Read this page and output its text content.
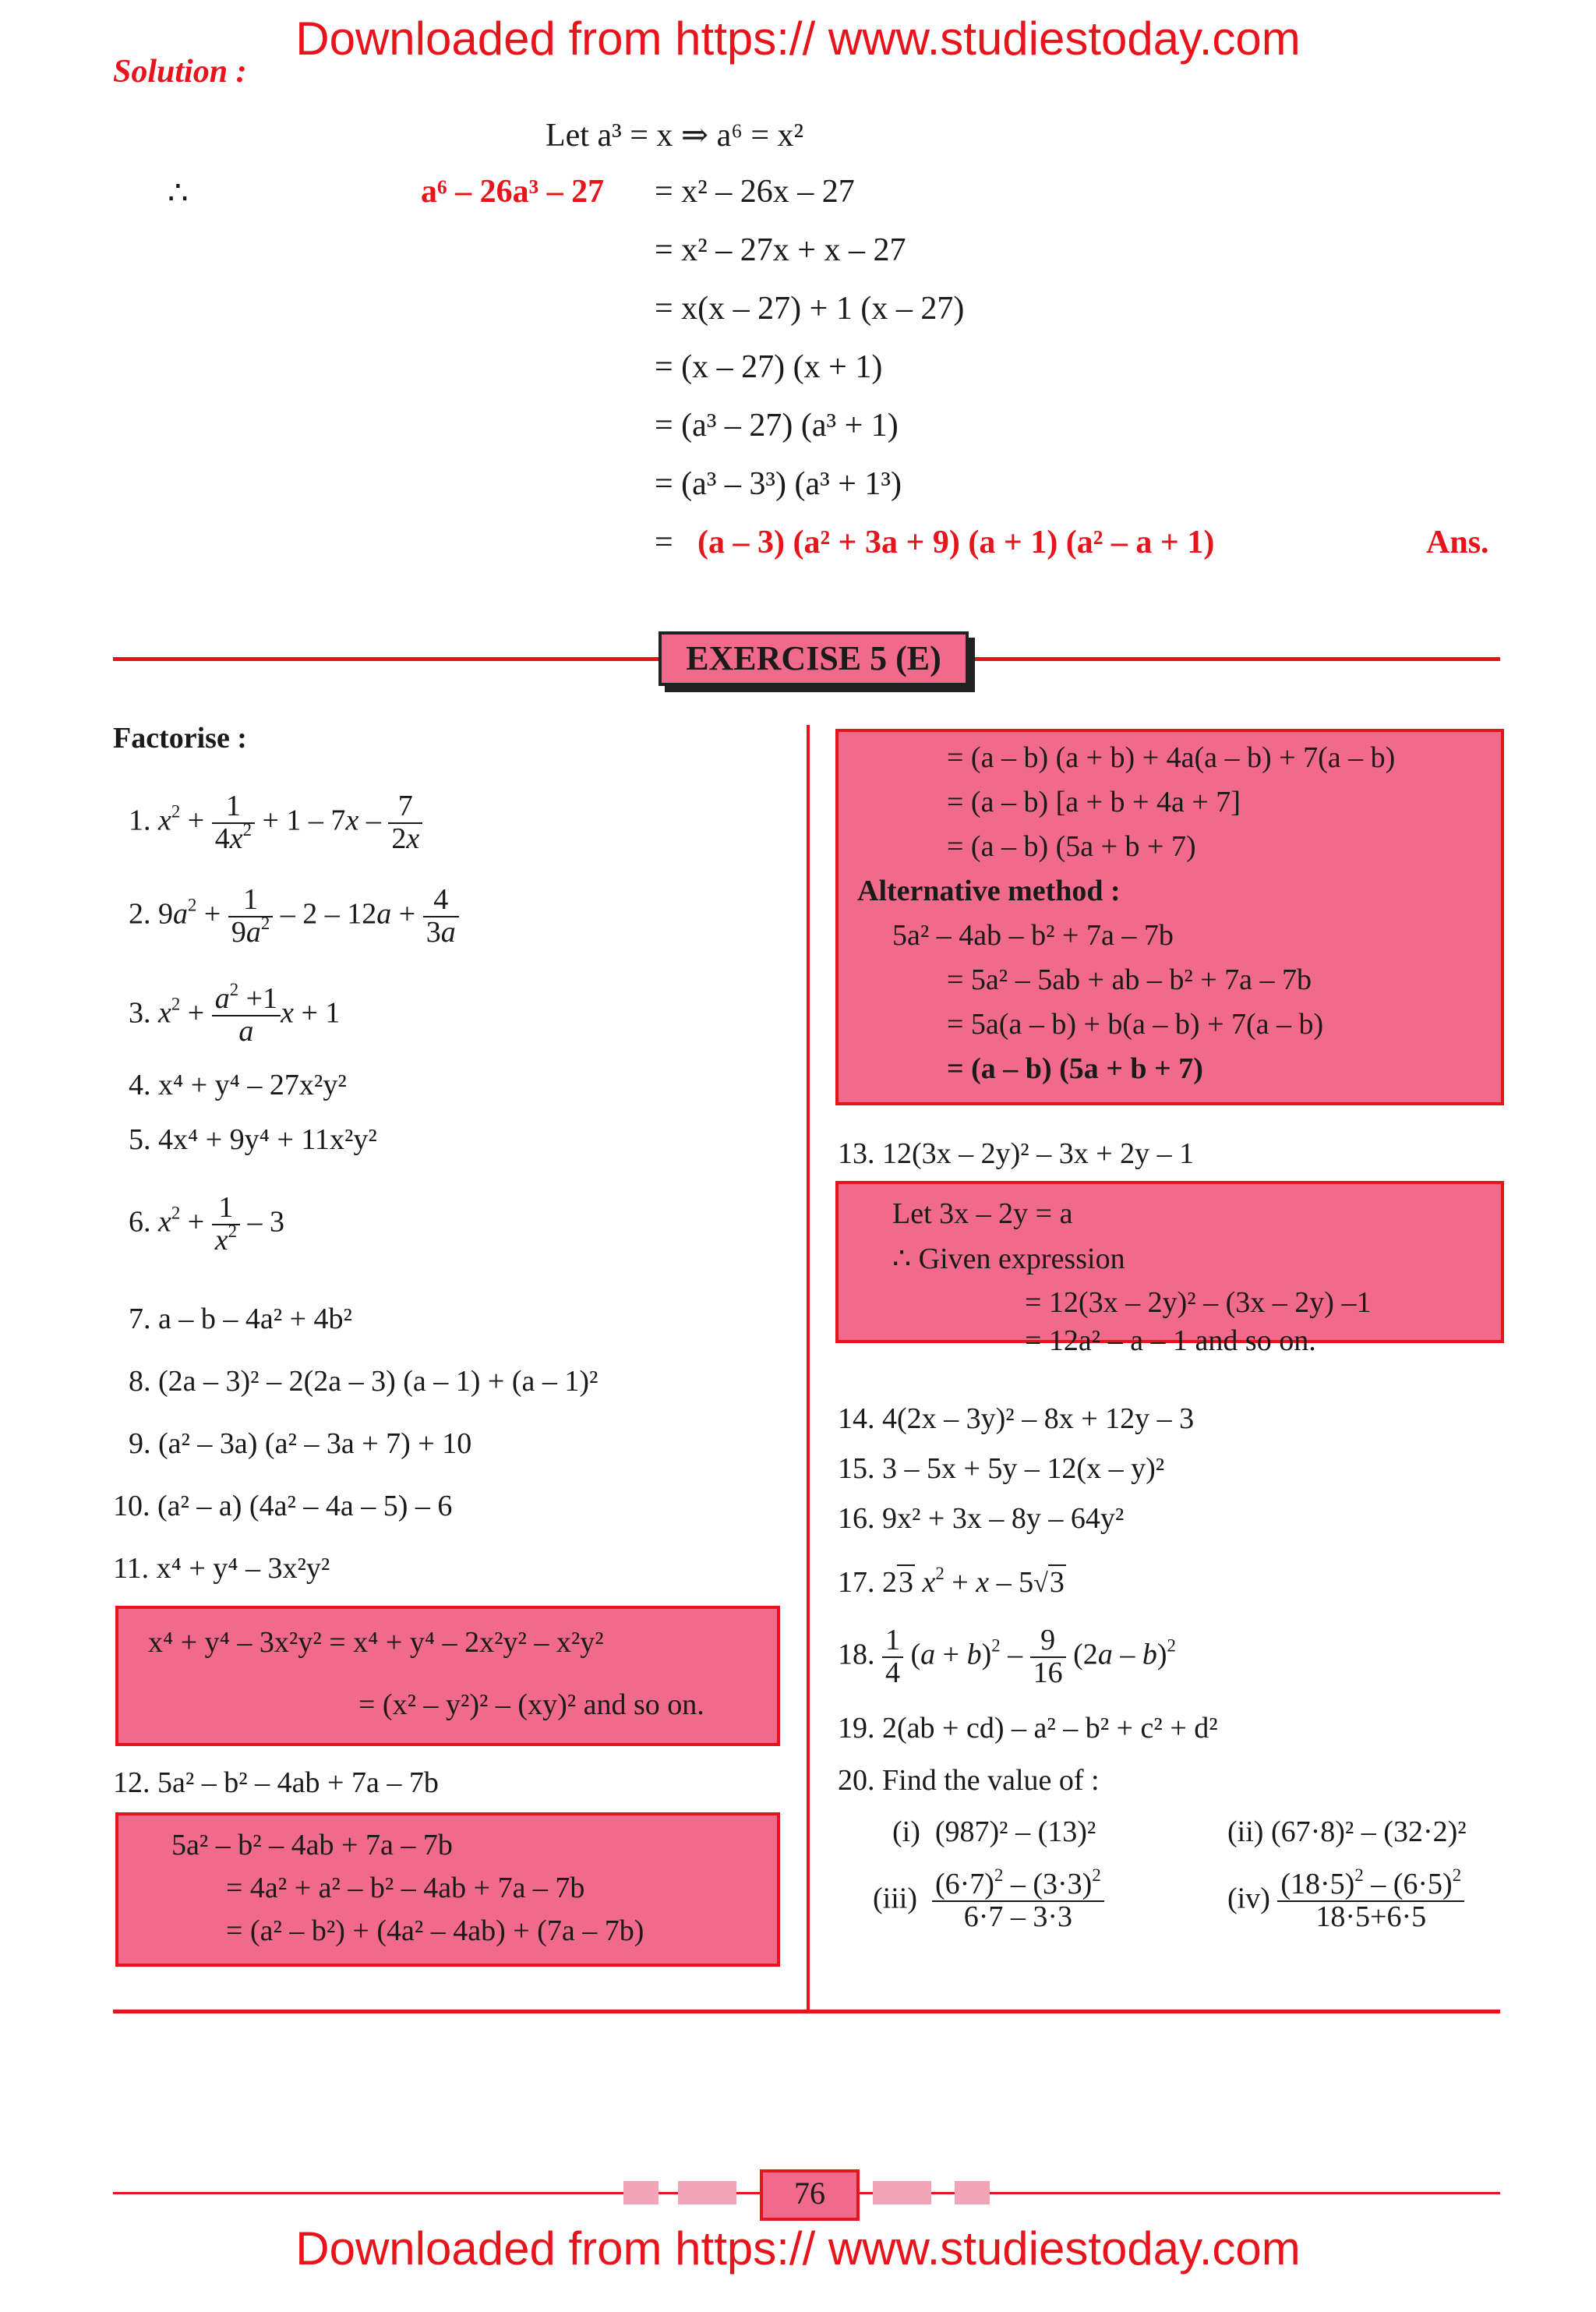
Downloaded from https:// www.studiestoday.com
Solution :
Let a³ = x ⇒ a⁶ = x²
∴	a⁶ – 26a³ – 27 = x² – 26x – 27
= x² – 27x + x – 27
= x(x – 27) + 1 (x – 27)
= (x – 27) (x + 1)
= (a³ – 27) (a³ + 1)
= (a³ – 3³) (a³ + 1³)
= (a – 3) (a² + 3a + 9) (a + 1) (a² – a + 1)	Ans.
EXERCISE 5 (E)
Factorise :
1. $x^2 + \frac{1}{4x^2} + 1 - 7x - \frac{7}{2x}$
2. $9a^2 + \frac{1}{9a^2} - 2 - 12a + \frac{4}{3a}$
3. $x^2 + \frac{a^2 +1}{a}$ x + 1
4. x⁴ + y⁴ – 27x²y²
5. 4x⁴ + 9y⁴ + 11x²y²
6. $x^2 + \frac{1}{x^2} - 3$
7. a – b – 4a² + 4b²
8. (2a – 3)² – 2(2a – 3) (a – 1) + (a – 1)²
9. (a² – 3a) (a² – 3a + 7) + 10
10. (a² – a) (4a² – 4a – 5) – 6
11. x⁴ + y⁴ – 3x²y²
x⁴ + y⁴ – 3x²y² = x⁴ + y⁴ – 2x²y² – x²y²
= (x² – y²)² – (xy)² and so on.
12. 5a² – b² – 4ab + 7a – 7b
5a² – b² – 4ab + 7a – 7b
= 4a² + a² – b² – 4ab + 7a – 7b
= (a² – b²) + (4a² – 4ab) + (7a – 7b)
= (a – b) (a + b) + 4a(a – b) + 7(a – b)
= (a – b) [a + b + 4a + 7]
= (a – b) (5a + b + 7)
Alternative method :
5a² – 4ab – b² + 7a – 7b
= 5a² – 5ab + ab – b² + 7a – 7b
= 5a(a – b) + b(a – b) + 7(a – b)
= (a – b) (5a + b + 7)
13. 12(3x – 2y)² – 3x + 2y – 1
Let 3x – 2y = a
∴ Given expression
= 12(3x – 2y)² – (3x – 2y) –1
= 12a² – a – 1 and so on.
14. 4(2x – 3y)² – 8x + 12y – 3
15. 3 – 5x + 5y – 12(x – y)²
16. 9x² + 3x – 8y – 64y²
17. 23 $x^2 + x - 5√3$
18. $\frac{1}{4} (a + b)^2 - \frac{9}{16} (2a - b)^2$
19. 2(ab + cd) – a² – b² + c² + d²
20. Find the value of :
(i) (987)² – (13)²	(ii) (67·8)² – (32·2)²
$(iii) \frac{(6\cdot 7)^2 - (3\cdot 3)^2}{6\cdot 7 - 3\cdot 3}$	$(iv) \frac{(18\cdot 5)^2 - (6\cdot 5)^2}{18\cdot 5+6\cdot 5}$
76
Downloaded from https:// www.studiestoday.com
